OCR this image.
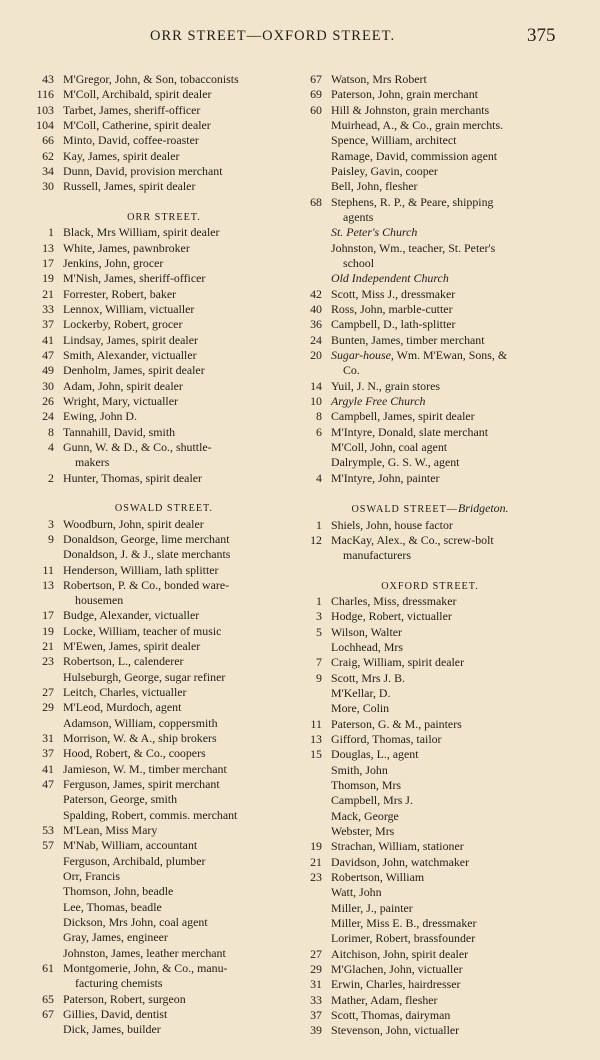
ORR STREET—OXFORD STREET.	375
43 M'Gregor, John, & Son, tobacconists
116 M'Coll, Archibald, spirit dealer
103 Tarbet, James, sheriff-officer
104 M'Coll, Catherine, spirit dealer
66 Minto, David, coffee-roaster
62 Kay, James, spirit dealer
34 Dunn, David, provision merchant
30 Russell, James, spirit dealer
ORR STREET.
1 Black, Mrs William, spirit dealer
13 White, James, pawnbroker
17 Jenkins, John, grocer
19 M'Nish, James, sheriff-officer
21 Forrester, Robert, baker
33 Lennox, William, victualler
37 Lockerby, Robert, grocer
41 Lindsay, James, spirit dealer
47 Smith, Alexander, victualler
49 Denholm, James, spirit dealer
30 Adam, John, spirit dealer
26 Wright, Mary, victualler
24 Ewing, John D.
8 Tannahill, David, smith
4 Gunn, W. & D., & Co., shuttle-
makers
2 Hunter, Thomas, spirit dealer
OSWALD STREET.
3 Woodburn, John, spirit dealer
9 Donaldson, George, lime merchant
Donaldson, J. & J., slate merchants
11 Henderson, William, lath splitter
13 Robertson, P. & Co., bonded ware-
housemen
17 Budge, Alexander, victualler
19 Locke, William, teacher of music
21 M'Ewen, James, spirit dealer
23 Robertson, L., calenderer
Hulseburgh, George, sugar refiner
27 Leitch, Charles, victualler
29 M'Leod, Murdoch, agent
Adamson, William, coppersmith
31 Morrison, W. & A., ship brokers
37 Hood, Robert, & Co., coopers
41 Jamieson, W. M., timber merchant
47 Ferguson, James, spirit merchant
Paterson, George, smith
Spalding, Robert, commis. merchant
53 M'Lean, Miss Mary
57 M'Nab, William, accountant
Ferguson, Archibald, plumber
Orr, Francis
Thomson, John, beadle
Lee, Thomas, beadle
Dickson, Mrs John, coal agent
Gray, James, engineer
Johnston, James, leather merchant
61 Montgomerie, John, & Co., manu-
facturing chemists
65 Paterson, Robert, surgeon
67 Gillies, David, dentist
Dick, James, builder
67 Watson, Mrs Robert
69 Paterson, John, grain merchant
60 Hill & Johnston, grain merchants
Muirhead, A., & Co., grain merchts.
Spence, William, architect
Ramage, David, commission agent
Paisley, Gavin, cooper
Bell, John, flesher
68 Stephens, R. P., & Peare, shipping
agents
St. Peter's Church
Johnston, Wm., teacher, St. Peter's
school
Old Independent Church
42 Scott, Miss J., dressmaker
40 Ross, John, marble-cutter
36 Campbell, D., lath-splitter
24 Bunten, James, timber merchant
20 Sugar-house, Wm. M'Ewan, Sons, &
Co.
14 Yuil, J. N., grain stores
10 Argyle Free Church
8 Campbell, James, spirit dealer
6 M'Intyre, Donald, slate merchant
M'Coll, John, coal agent
Dalrymple, G. S. W., agent
4 M'Intyre, John, painter
OSWALD STREET—Bridgeton.
1 Shiels, John, house factor
12 MacKay, Alex., & Co., screw-bolt
manufacturers
OXFORD STREET.
1 Charles, Miss, dressmaker
3 Hodge, Robert, victualler
5 Wilson, Walter
Lochhead, Mrs
7 Craig, William, spirit dealer
9 Scott, Mrs J. B.
M'Kellar, D.
More, Colin
11 Paterson, G. & M., painters
13 Gifford, Thomas, tailor
15 Douglas, L., agent
Smith, John
Thomson, Mrs
Campbell, Mrs J.
Mack, George
Webster, Mrs
19 Strachan, William, stationer
21 Davidson, John, watchmaker
23 Robertson, William
Watt, John
Miller, J., painter
Miller, Miss E. B., dressmaker
Lorimer, Robert, brassfounder
27 Aitchison, John, spirit dealer
29 M'Glachen, John, victualler
31 Erwin, Charles, hairdresser
33 Mather, Adam, flesher
37 Scott, Thomas, dairyman
39 Stevenson, John, victualler
